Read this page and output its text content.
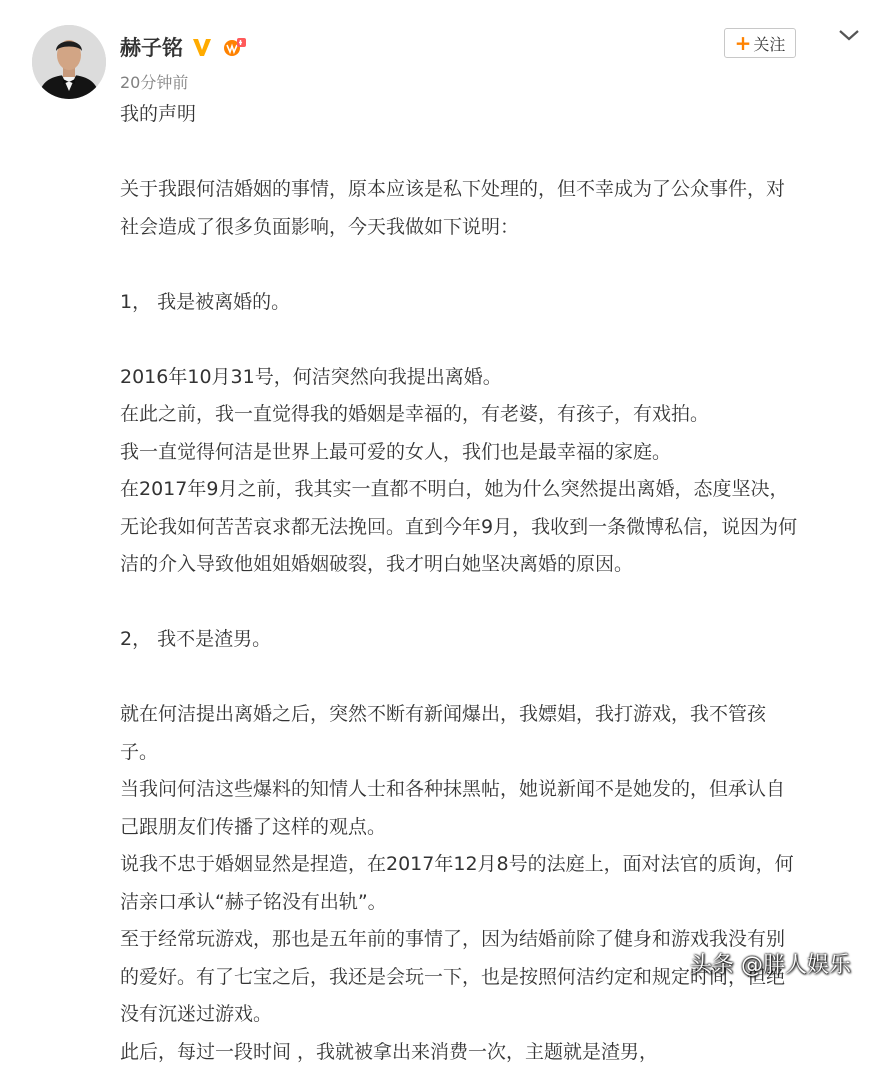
赫子铭
20分钟前
+ 关注
我的声明
关于我跟何洁婚姻的事情，原本应该是私下处理的，但不幸成为了公众事件，对
社会造成了很多负面影响，今天我做如下说明：
1， 我是被离婚的。
2016年10月31号，何洁突然向我提出离婚。
在此之前，我一直觉得我的婚姻是幸福的，有老婆，有孩子，有戏拍。
我一直觉得何洁是世界上最可爱的女人，我们也是最幸福的家庭。
在2017年9月之前，我其实一直都不明白，她为什么突然提出离婚，态度坚决，
无论我如何苦苦哀求都无法挽回。直到今年9月，我收到一条微博私信，说因为何
洁的介入导致他姐姐婚姻破裂，我才明白她坚决离婚的原因。
2， 我不是渣男。
就在何洁提出离婚之后，突然不断有新闻爆出，我嫖娼，我打游戏，我不管孩
子。
当我问何洁这些爆料的知情人士和各种抹黑帖，她说新闻不是她发的，但承认自
己跟朋友们传播了这样的观点。
说我不忠于婚姻显然是捏造，在2017年12月8号的法庭上，面对法官的质询，何
洁亲口承认“赫子铭没有出轨”。
至于经常玩游戏，那也是五年前的事情了，因为结婚前除了健身和游戏我没有别
的爱好。有了七宝之后，我还是会玩一下，也是按照何洁约定和规定时间，但绝
没有沉迷过游戏。
此后，每过一段时间 ，我就被拿出来消费一次，主题就是渣男，
头条 @胖人娱乐
